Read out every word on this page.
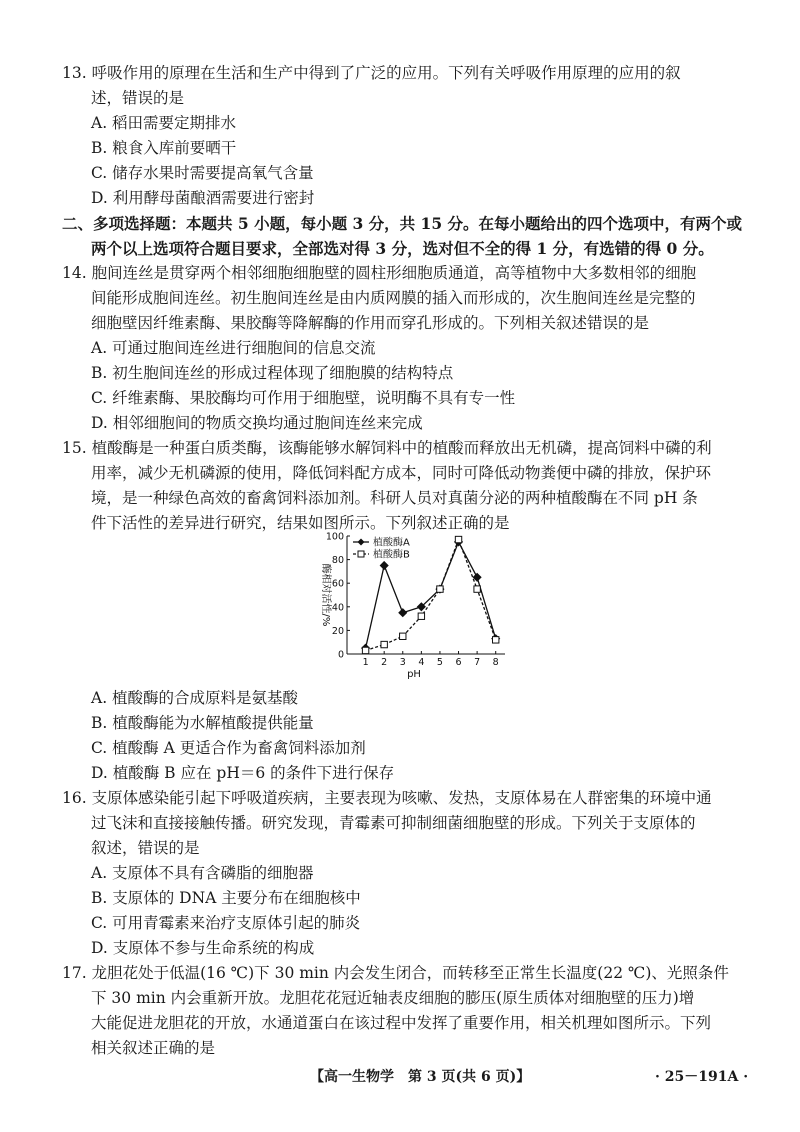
13. 呼吸作用的原理在生活和生产中得到了广泛的应用。下列有关呼吸作用原理的应用的叙
述，错误的是
A. 稻田需要定期排水
B. 粮食入库前要晒干
C. 储存水果时需要提高氧气含量
D. 利用酵母菌酿酒需要进行密封
二、多项选择题：本题共 5 小题，每小题 3 分，共 15 分。在每小题给出的四个选项中，有两个或
两个以上选项符合题目要求，全部选对得 3 分，选对但不全的得 1 分，有选错的得 0 分。
14. 胞间连丝是贯穿两个相邻细胞细胞壁的圆柱形细胞质通道，高等植物中大多数相邻的细胞
间能形成胞间连丝。初生胞间连丝是由内质网膜的插入而形成的，次生胞间连丝是完整的
细胞壁因纤维素酶、果胶酶等降解酶的作用而穿孔形成的。下列相关叙述错误的是
A. 可通过胞间连丝进行细胞间的信息交流
B. 初生胞间连丝的形成过程体现了细胞膜的结构特点
C. 纤维素酶、果胶酶均可作用于细胞壁，说明酶不具有专一性
D. 相邻细胞间的物质交换均通过胞间连丝来完成
15. 植酸酶是一种蛋白质类酶，该酶能够水解饲料中的植酸而释放出无机磷，提高饲料中磷的利
用率，减少无机磷源的使用，降低饲料配方成本，同时可降低动物粪便中磷的排放，保护环
境，是一种绿色高效的畜禽饲料添加剂。科研人员对真菌分泌的两种植酸酶在不同 pH 条
件下活性的差异进行研究，结果如图所示。下列叙述正确的是
0
20
40
60
80
100
1 2 3 4 5 6 7 8
pH
酶相对活性/%
植酸酶A
植酸酶B
A. 植酸酶的合成原料是氨基酸
B. 植酸酶能为水解植酸提供能量
C. 植酸酶 A 更适合作为畜禽饲料添加剂
D. 植酸酶 B 应在 pH＝6 的条件下进行保存
16. 支原体感染能引起下呼吸道疾病，主要表现为咳嗽、发热，支原体易在人群密集的环境中通
过飞沫和直接接触传播。研究发现，青霉素可抑制细菌细胞壁的形成。下列关于支原体的
叙述，错误的是
A. 支原体不具有含磷脂的细胞器
B. 支原体的 DNA 主要分布在细胞核中
C. 可用青霉素来治疗支原体引起的肺炎
D. 支原体不参与生命系统的构成
17. 龙胆花处于低温(16 ℃)下 30 min 内会发生闭合，而转移至正常生长温度(22 ℃)、光照条件
下 30 min 内会重新开放。龙胆花花冠近轴表皮细胞的膨压(原生质体对细胞壁的压力)增
大能促进龙胆花的开放，水通道蛋白在该过程中发挥了重要作用，相关机理如图所示。下列
相关叙述正确的是
【高一生物学　第 3 页(共 6 页)】	· 25－191A ·
